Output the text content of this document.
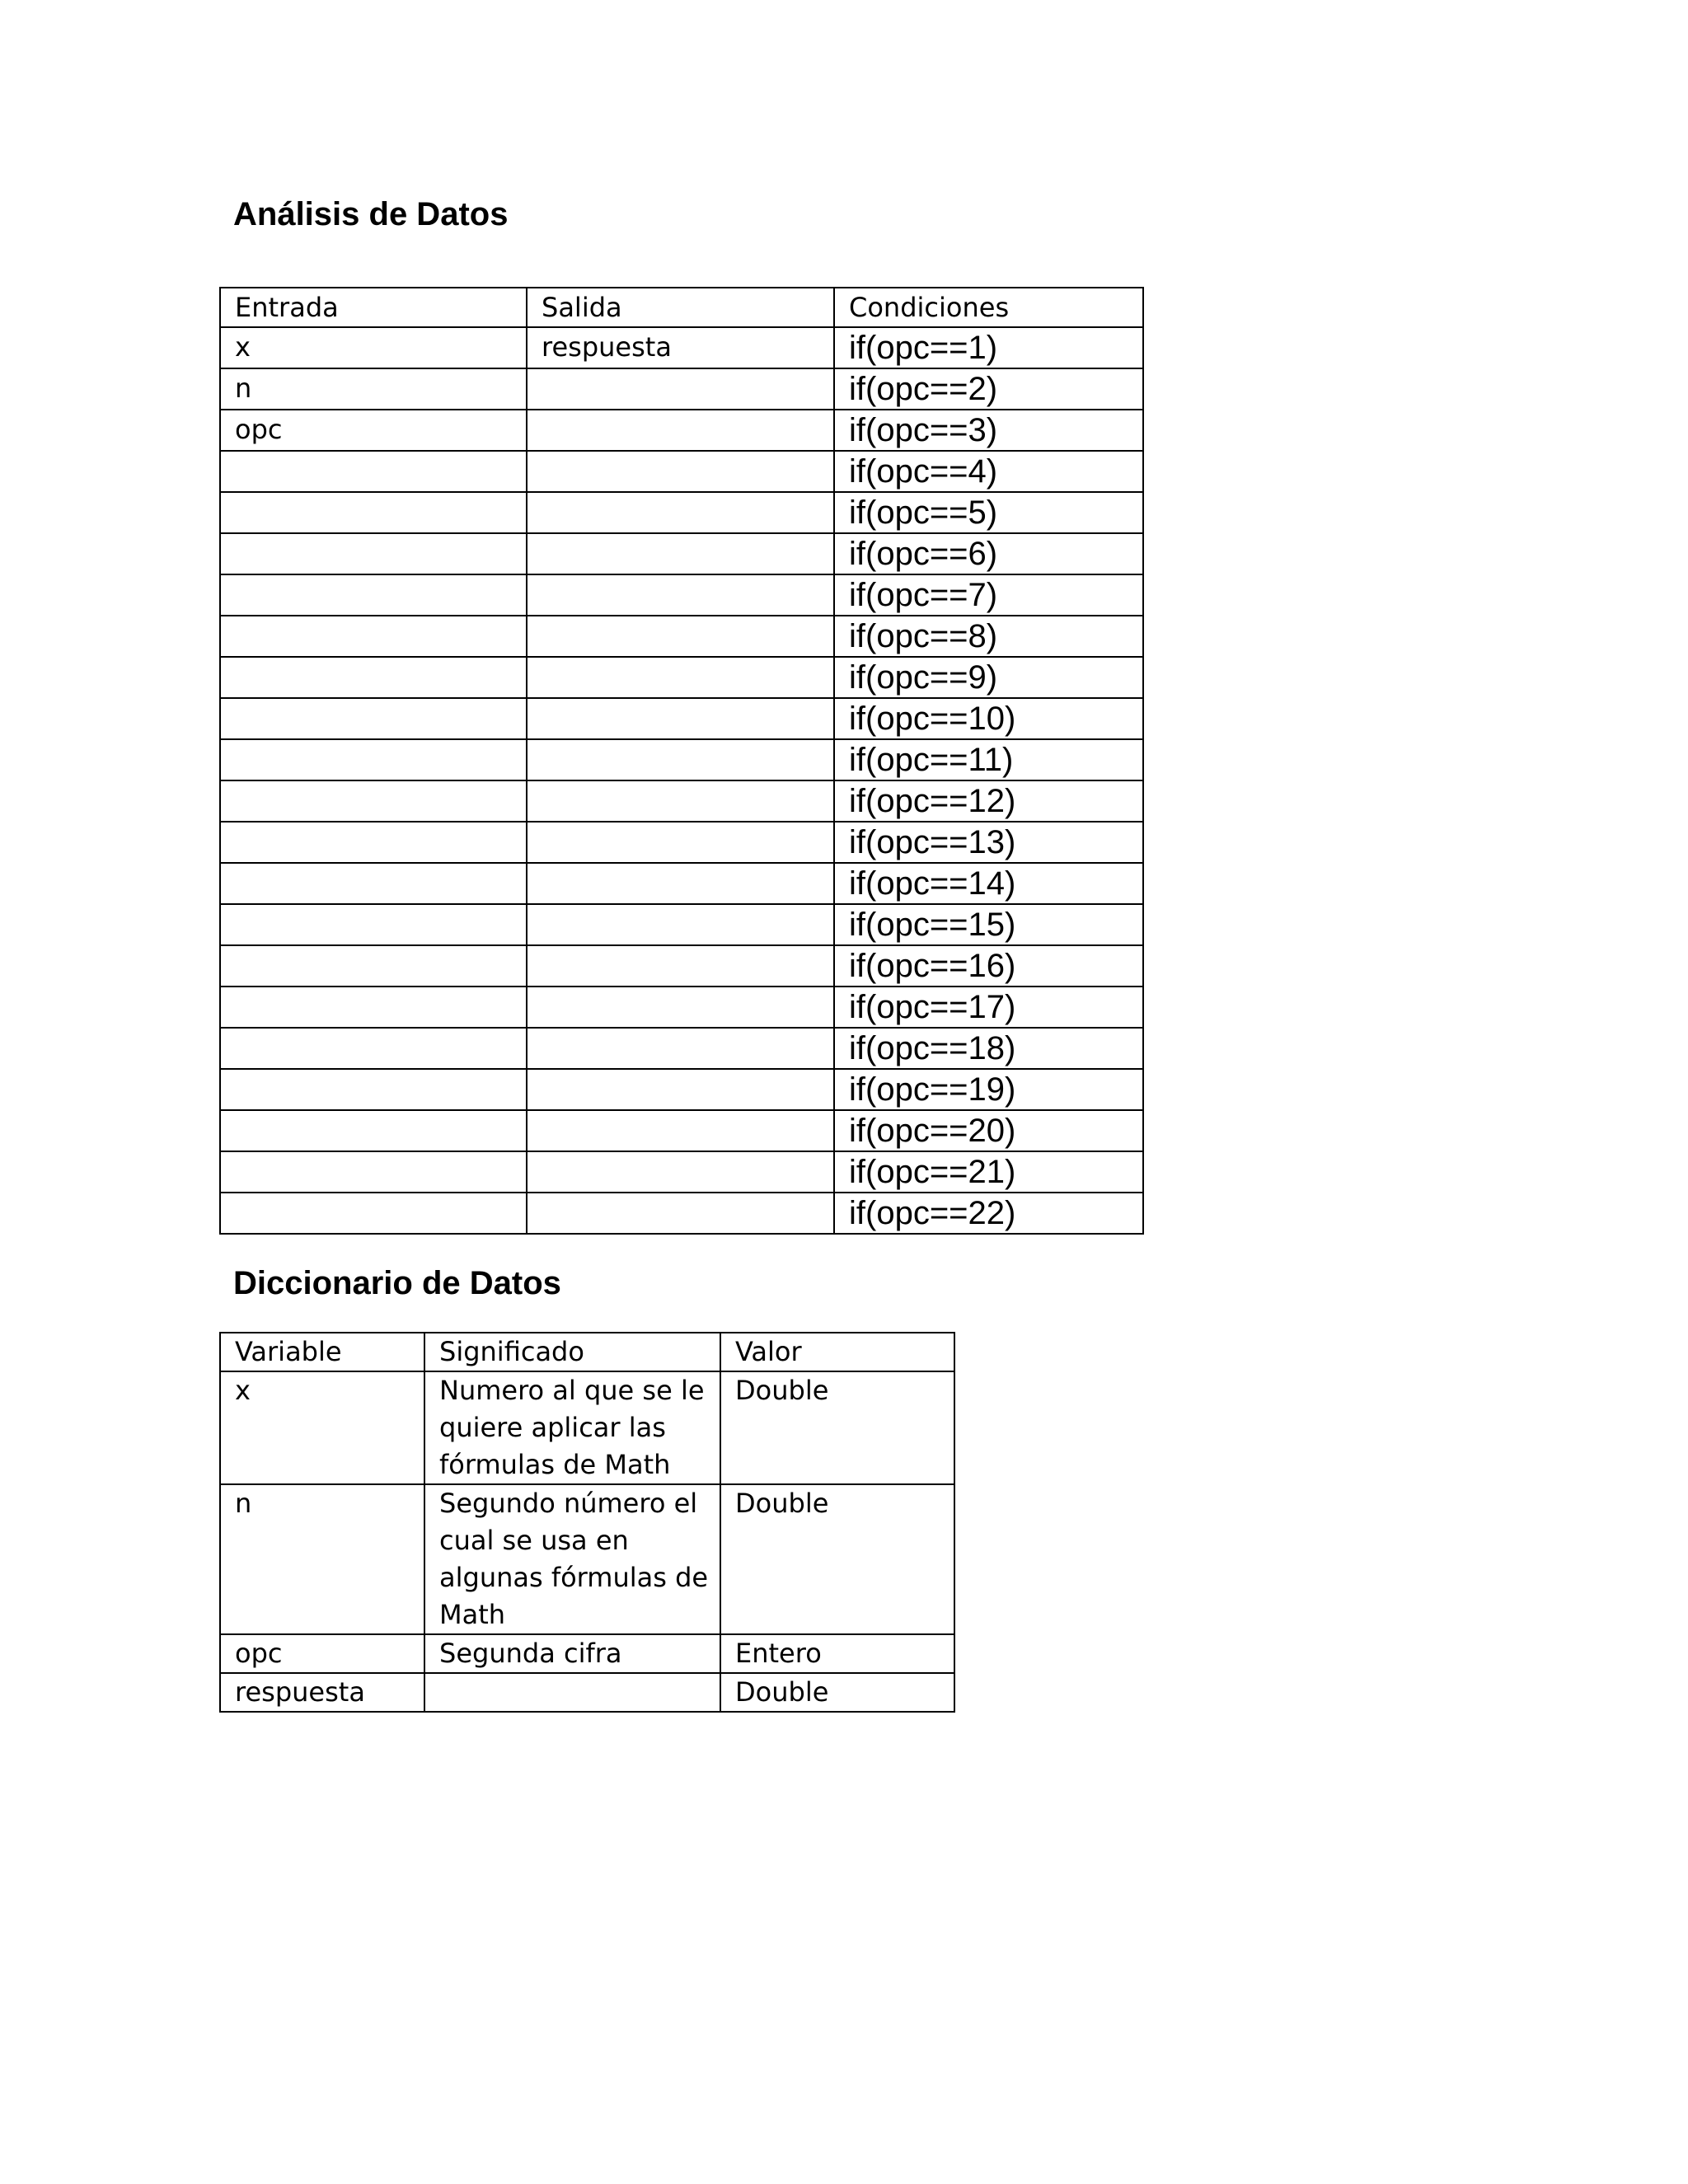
Análisis de Datos
Entrada	Salida	Condiciones
x	respuesta	if(opc==1)
n		if(opc==2)
opc		if(opc==3)
		if(opc==4)
		if(opc==5)
		if(opc==6)
		if(opc==7)
		if(opc==8)
		if(opc==9)
		if(opc==10)
		if(opc==11)
		if(opc==12)
		if(opc==13)
		if(opc==14)
		if(opc==15)
		if(opc==16)
		if(opc==17)
		if(opc==18)
		if(opc==19)
		if(opc==20)
		if(opc==21)
		if(opc==22)
Diccionario de Datos
Variable	Significado	Valor
x	Numero al que se le quiere aplicar las fórmulas de Math	Double
n	Segundo número el cual se usa en algunas fórmulas de Math	Double
opc	Segunda cifra	Entero
respuesta		Double
